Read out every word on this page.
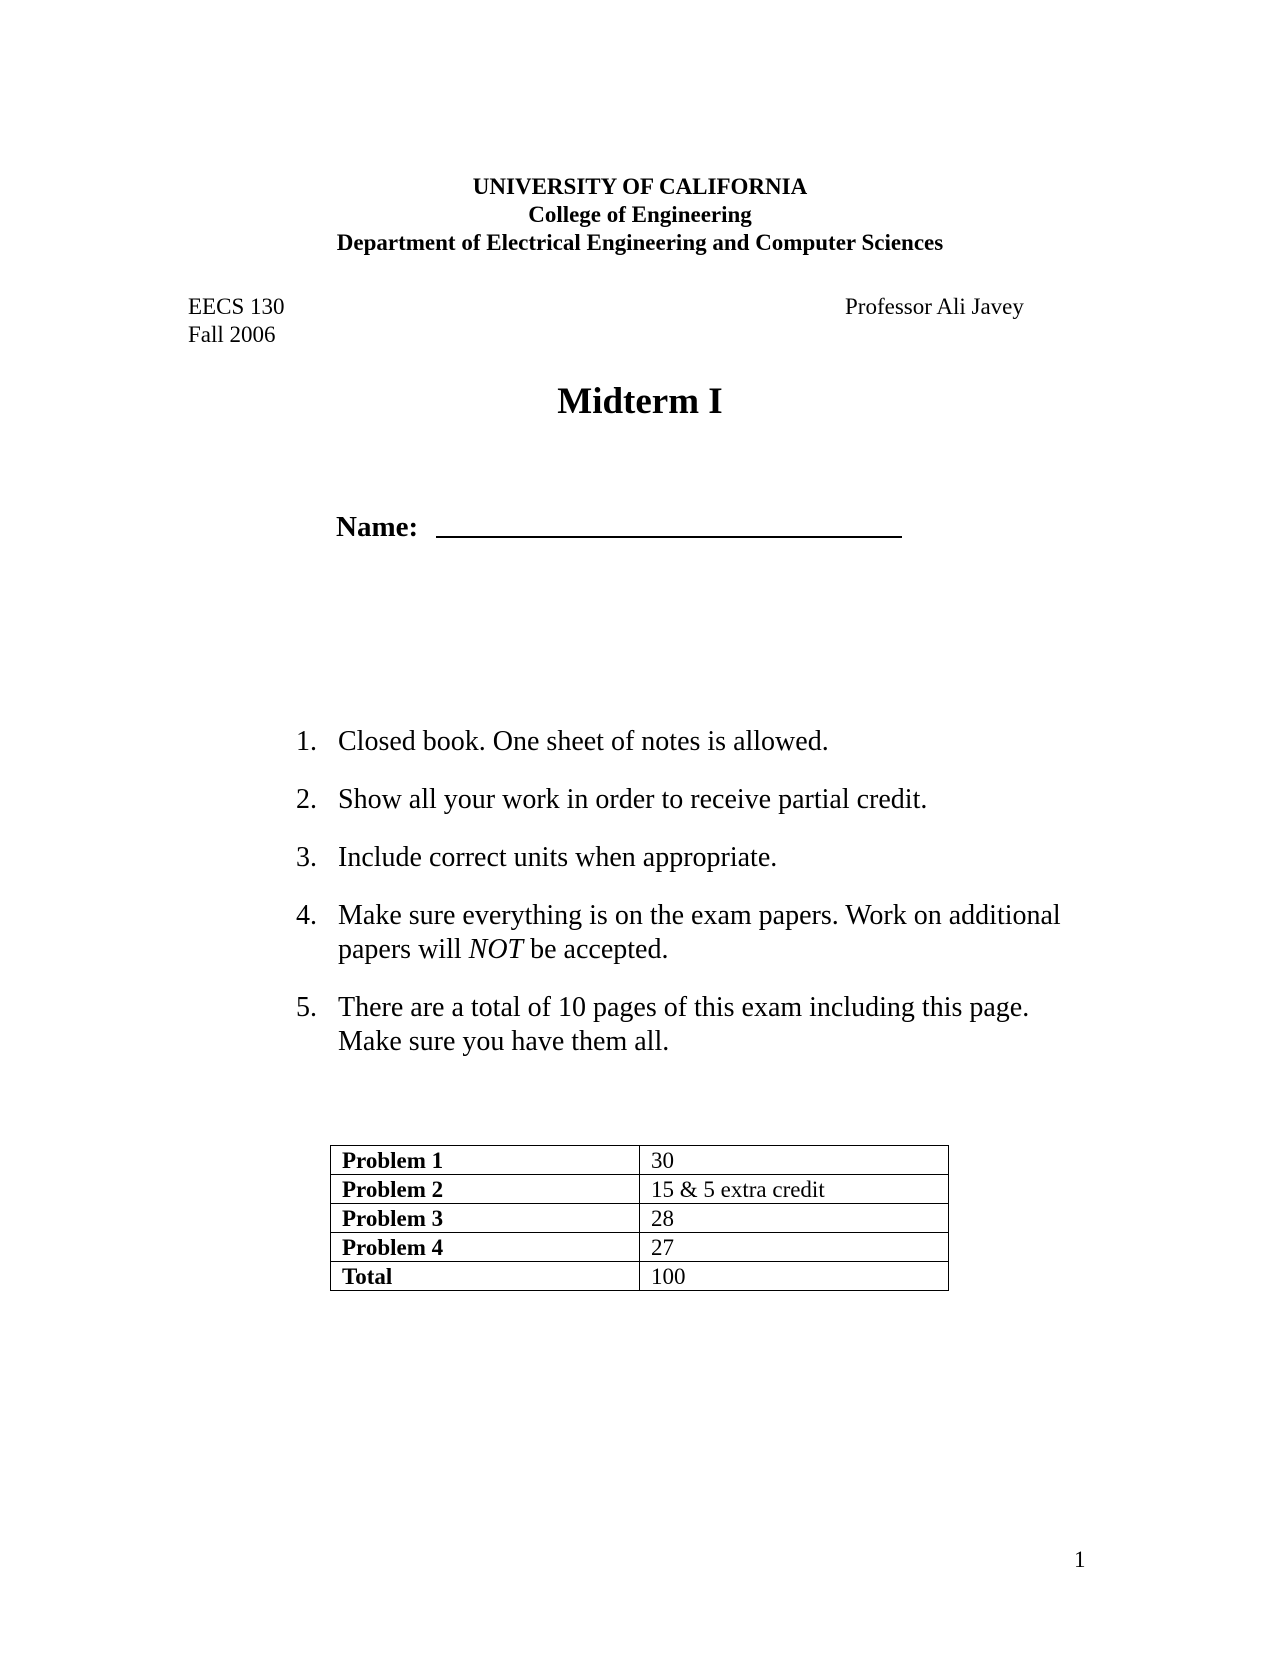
UNIVERSITY OF CALIFORNIA
College of Engineering
Department of Electrical Engineering and Computer Sciences
EECS 130
Fall 2006
Professor Ali Javey
Midterm I
Name:
1. Closed book. One sheet of notes is allowed.
2. Show all your work in order to receive partial credit.
3. Include correct units when appropriate.
4. Make sure everything is on the exam papers. Work on additional papers will NOT be accepted.
5. There are a total of 10 pages of this exam including this page. Make sure you have them all.
Problem 1	30
Problem 2	15 & 5 extra credit
Problem 3	28
Problem 4	27
Total	100
1
